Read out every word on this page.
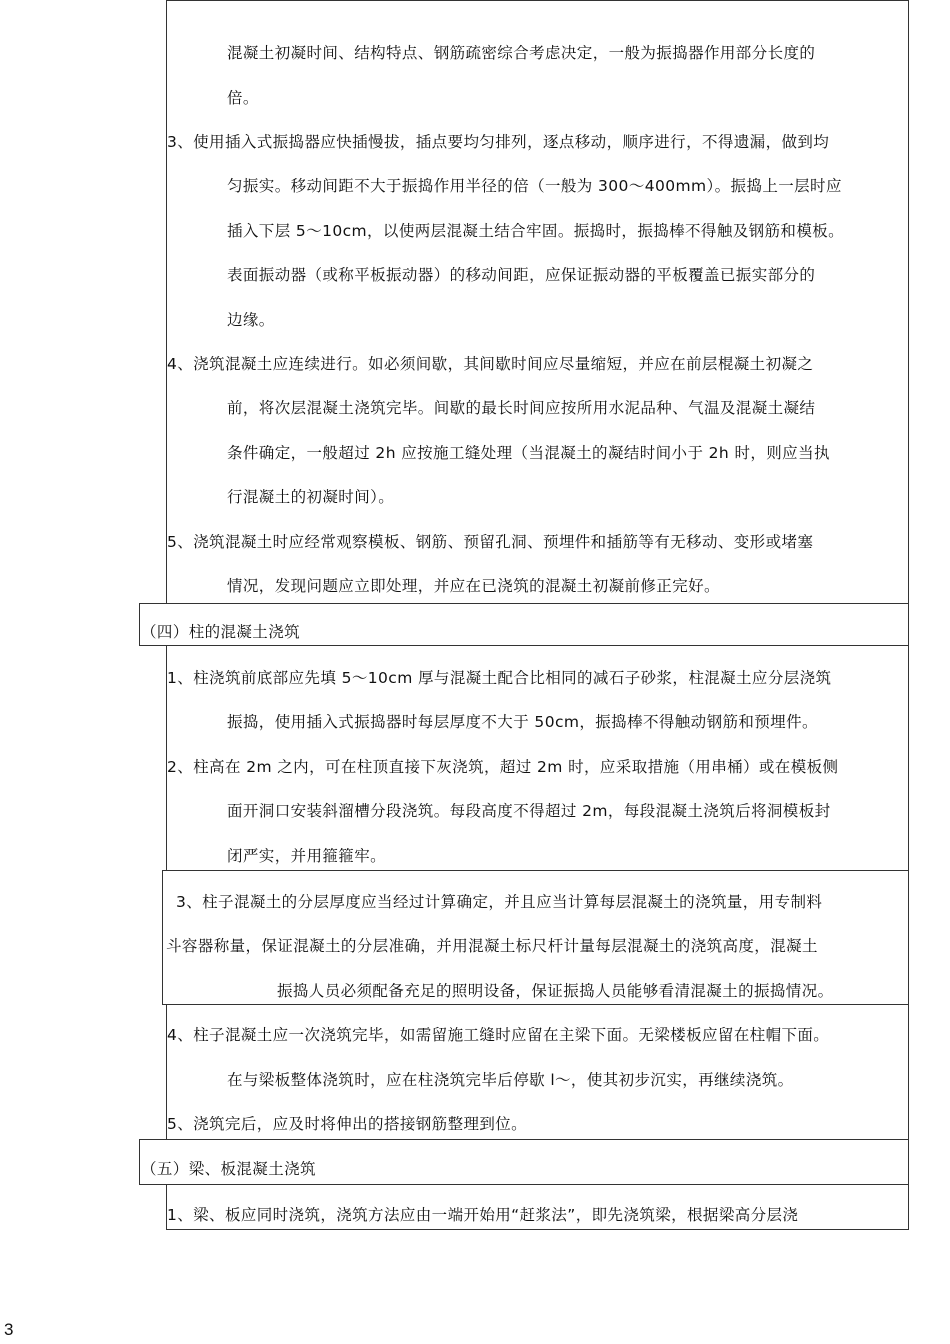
混凝土初凝时间、结构特点、钢筋疏密综合考虑决定，一般为振捣器作用部分长度的
倍。
3、使用插入式振捣器应快插慢拔，插点要均匀排列，逐点移动，顺序进行，不得遗漏，做到均
匀振实。移动间距不大于振捣作用半径的倍（一般为 300～400mm）。振捣上一层时应
插入下层 5～10cm，以使两层混凝土结合牢固。振捣时，振捣棒不得触及钢筋和模板。
表面振动器（或称平板振动器）的移动间距，应保证振动器的平板覆盖已振实部分的
边缘。
4、浇筑混凝土应连续进行。如必须间歇，其间歇时间应尽量缩短，并应在前层棍凝土初凝之
前，将次层混凝土浇筑完毕。间歇的最长时间应按所用水泥品种、气温及混凝土凝结
条件确定，一般超过 2h 应按施工缝处理（当混凝土的凝结时间小于 2h 时，则应当执
行混凝土的初凝时间）。
5、浇筑混凝土时应经常观察模板、钢筋、预留孔洞、预埋件和插筋等有无移动、变形或堵塞
情况，发现问题应立即处理，并应在已浇筑的混凝土初凝前修正完好。
（四）柱的混凝土浇筑
1、柱浇筑前底部应先填 5～10cm 厚与混凝土配合比相同的减石子砂浆，柱混凝土应分层浇筑
振捣，使用插入式振捣器时每层厚度不大于 50cm，振捣棒不得触动钢筋和预埋件。
2、柱高在 2m 之内，可在柱顶直接下灰浇筑，超过 2m 时，应采取措施（用串桶）或在模板侧
面开洞口安装斜溜槽分段浇筑。每段高度不得超过 2m，每段混凝土浇筑后将洞模板封
闭严实，并用箍箍牢。
3、柱子混凝土的分层厚度应当经过计算确定，并且应当计算每层混凝土的浇筑量，用专制料
斗容器称量，保证混凝土的分层准确，并用混凝土标尺杆计量每层混凝土的浇筑高度，混凝土
振捣人员必须配备充足的照明设备，保证振捣人员能够看清混凝土的振捣情况。
4、柱子混凝土应一次浇筑完毕，如需留施工缝时应留在主梁下面。无梁楼板应留在柱帽下面。
在与梁板整体浇筑时，应在柱浇筑完毕后停歇 l～，使其初步沉实，再继续浇筑。
5、浇筑完后，应及时将伸出的搭接钢筋整理到位。
（五）梁、板混凝土浇筑
1、梁、板应同时浇筑，浇筑方法应由一端开始用“赶浆法”，即先浇筑梁，根据梁高分层浇
3
